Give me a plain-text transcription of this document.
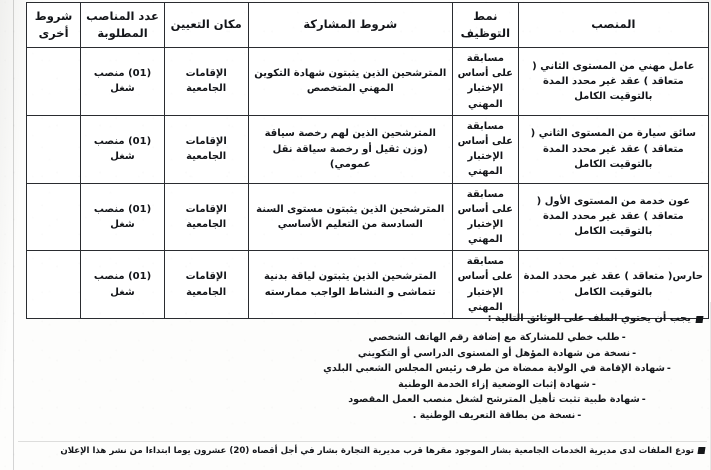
المنصب	نمط التوظيف	شروط المشاركة	مكان التعيين	عدد المناصب المطلوبة	شروط أخرى
عامل مهني من المستوى الثاني ( متعاقد ) عقد غير محدد المدة بالتوقيت الكامل	مسابقة على أساس الإختبار المهني	المترشحين الذين يثبتون شهادة التكوين المهني المتخصص	الإقامات الجامعية	(01) منصب شغل	
سائق سيارة من المستوى الثاني ( متعاقد ) عقد غير محدد المدة بالتوقيت الكامل	مسابقة على أساس الإختبار المهني	المترشحين الذين لهم رخصة سياقة (وزن ثقيل أو رخصة سياقة نقل عمومي)	الإقامات الجامعية	(01) منصب شغل	
عون خدمة من المستوى الأول ( متعاقد ) عقد غير محدد المدة بالتوقيت الكامل	مسابقة على أساس الإختبار المهني	المترشحين الذين يثبتون مستوى السنة السادسة من التعليم الأساسي	الإقامات الجامعية	(01) منصب شغل	
حارس( متعاقد ) عقد غير محدد المدة بالتوقيت الكامل	مسابقة على أساس الإختبار المهني	المترشحين الذين يثبتون لياقة بدنية تتماشى و النشاط الواجب ممارسته	الإقامات الجامعية	(01) منصب شغل	
يجب أن يحتوي الملف على الوثائق التالية :
-طلب خطي للمشاركة مع إضافة رقم الهاتف الشخصي
-نسخة من شهادة المؤهل أو المستوى الدراسي أو التكويني
-شهادة الإقامة في الولاية ممضاة من طرف رئيس المجلس الشعبي البلدي
-شهادة إثبات الوضعية إزاء الخدمة الوطنية
-شهادة طبية تثبت تأهيل المترشح لشغل منصب العمل المقصود
-نسخة من بطاقة التعريف الوطنية .
تودع الملفات لدى مديرية الخدمات الجامعية بشار الموجود مقرها قرب مديرية التجارة بشار في أجل أقصاه (20) عشرون يوما ابتداءا من نشر هذا الإعلان
